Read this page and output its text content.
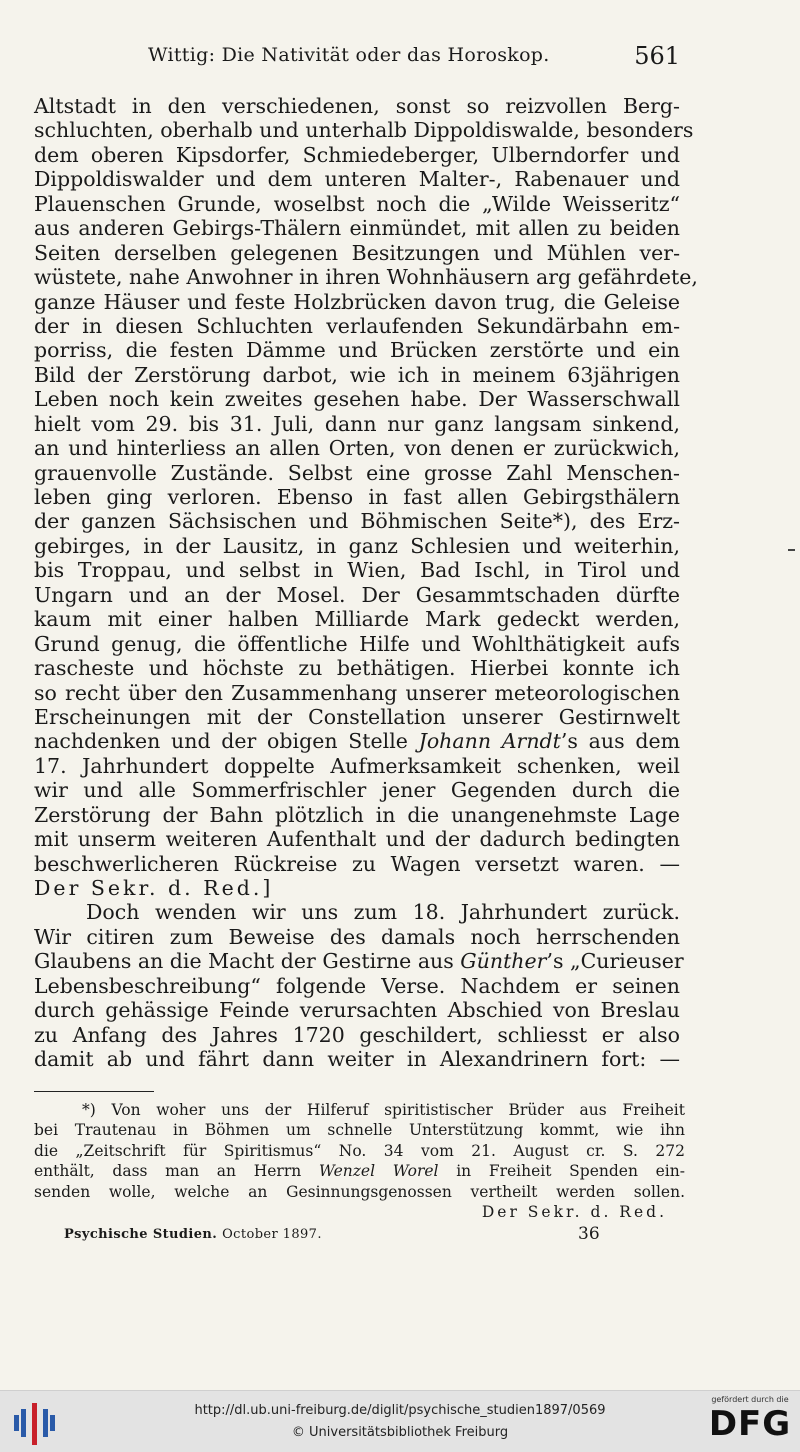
Wittig: Die Nativität oder das Horoskop.	561
Altstadt in den verschiedenen, sonst so reizvollen Berg-
schluchten, oberhalb und unterhalb Dippoldiswalde, besonders
dem oberen Kipsdorfer, Schmiedeberger, Ulberndorfer und
Dippoldiswalder und dem unteren Malter-, Rabenauer und
Plauenschen Grunde, woselbst noch die „Wilde Weisseritz“
aus anderen Gebirgs-Thälern einmündet, mit allen zu beiden
Seiten derselben gelegenen Besitzungen und Mühlen ver-
wüstete, nahe Anwohner in ihren Wohnhäusern arg gefährdete,
ganze Häuser und feste Holzbrücken davon trug, die Geleise
der in diesen Schluchten verlaufenden Sekundärbahn em-
porriss, die festen Dämme und Brücken zerstörte und ein
Bild der Zerstörung darbot, wie ich in meinem 63jährigen
Leben noch kein zweites gesehen habe. Der Wasserschwall
hielt vom 29. bis 31. Juli, dann nur ganz langsam sinkend,
an und hinterliess an allen Orten, von denen er zurückwich,
grauenvolle Zustände. Selbst eine grosse Zahl Menschen-
leben ging verloren. Ebenso in fast allen Gebirgsthälern
der ganzen Sächsischen und Böhmischen Seite*), des Erz-
gebirges, in der Lausitz, in ganz Schlesien und weiterhin,
bis Troppau, und selbst in Wien, Bad Ischl, in Tirol und
Ungarn und an der Mosel. Der Gesammtschaden dürfte
kaum mit einer halben Milliarde Mark gedeckt werden,
Grund genug, die öffentliche Hilfe und Wohlthätigkeit aufs
rascheste und höchste zu bethätigen. Hierbei konnte ich
so recht über den Zusammenhang unserer meteorologischen
Erscheinungen mit der Constellation unserer Gestirnwelt
nachdenken und der obigen Stelle Johann Arndt’s aus dem
17. Jahrhundert doppelte Aufmerksamkeit schenken, weil
wir und alle Sommerfrischler jener Gegenden durch die
Zerstörung der Bahn plötzlich in die unangenehmste Lage
mit unserm weiteren Aufenthalt und der dadurch bedingten
beschwerlicheren Rückreise zu Wagen versetzt waren. —
Der Sekr. d. Red.]
Doch wenden wir uns zum 18. Jahrhundert zurück.
Wir citiren zum Beweise des damals noch herrschenden
Glaubens an die Macht der Gestirne aus Günther’s „Curieuser
Lebensbeschreibung“ folgende Verse. Nachdem er seinen
durch gehässige Feinde verursachten Abschied von Breslau
zu Anfang des Jahres 1720 geschildert, schliesst er also
damit ab und fährt dann weiter in Alexandrinern fort: —
*) Von woher uns der Hilferuf spiritistischer Brüder aus Freiheit
bei Trautenau in Böhmen um schnelle Unterstützung kommt, wie ihn
die „Zeitschrift für Spiritismus“ No. 34 vom 21. August cr. S. 272
enthält, dass man an Herrn Wenzel Worel in Freiheit Spenden ein-
senden wolle, welche an Gesinnungsgenossen vertheilt werden sollen.
Der Sekr. d. Red.
Psychische Studien. October 1897.	36
http://dl.ub.uni-freiburg.de/diglit/psychische_studien1897/0569
© Universitätsbibliothek Freiburg
gefördert durch die
DFG
